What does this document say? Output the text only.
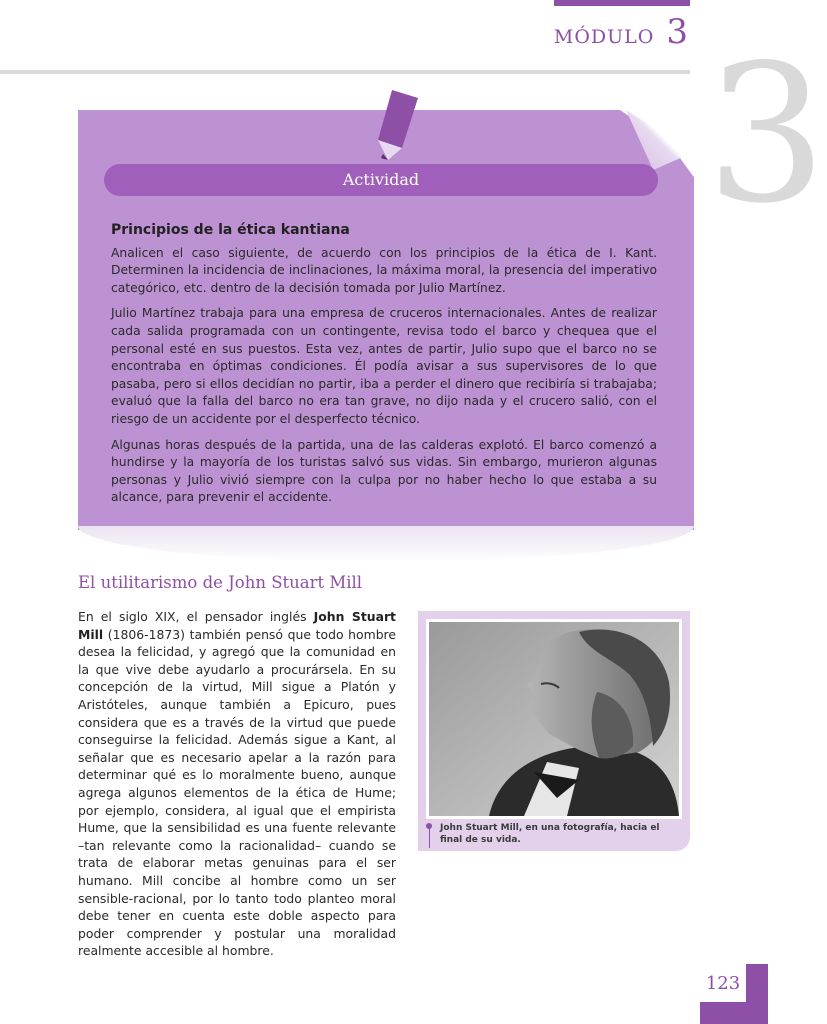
MÓDULO 3 3
Actividad
Principios de la ética kantiana

Analicen el caso siguiente, de acuerdo con los principios de la ética de I. Kant. Determinen la incidencia de inclinaciones, la máxima moral, la presencia del imperativo categórico, etc. dentro de la decisión tomada por Julio Martínez.

Julio Martínez trabaja para una empresa de cruceros internacionales. Antes de realizar cada salida programada con un contingente, revisa todo el barco y chequea que el personal esté en sus puestos. Esta vez, antes de partir, Julio supo que el barco no se encontraba en óptimas condiciones. Él podía avisar a sus supervisores de lo que pasaba, pero si ellos decidían no partir, iba a perder el dinero que recibiría si trabajaba; evaluó que la falla del barco no era tan grave, no dijo nada y el crucero salió, con el riesgo de un accidente por el desperfecto técnico.

Algunas horas después de la partida, una de las calderas explotó. El barco comenzó a hundirse y la mayoría de los turistas salvó sus vidas. Sin embargo, murieron algunas personas y Julio vivió siempre con la culpa por no haber hecho lo que estaba a su alcance, para prevenir el accidente.

El utilitarismo de John Stuart Mill
En el siglo XIX, el pensador inglés John Stuart Mill (1806-1873) también pensó que todo hombre desea la felicidad, y agregó que la comunidad en la que vive debe ayudarlo a procurársela. En su concepción de la virtud, Mill sigue a Platón y Aristóteles, aunque también a Epicuro, pues considera que es a través de la virtud que puede conseguirse la felicidad. Además sigue a Kant, al señalar que es necesario apelar a la razón para determinar qué es lo moralmente bueno, aunque agrega algunos elementos de la ética de Hume; por ejemplo, considera, al igual que el empirista Hume, que la sensibilidad es una fuente relevante –tan relevante como la racionalidad– cuando se trata de elaborar metas genuinas para el ser humano. Mill concibe al hombre como un ser sensible-racional, por lo tanto todo planteo moral debe tener en cuenta este doble aspecto para poder comprender y postular una moralidad realmente accesible al hombre.
John Stuart Mill, en una fotografía, hacia el final de su vida.
123
